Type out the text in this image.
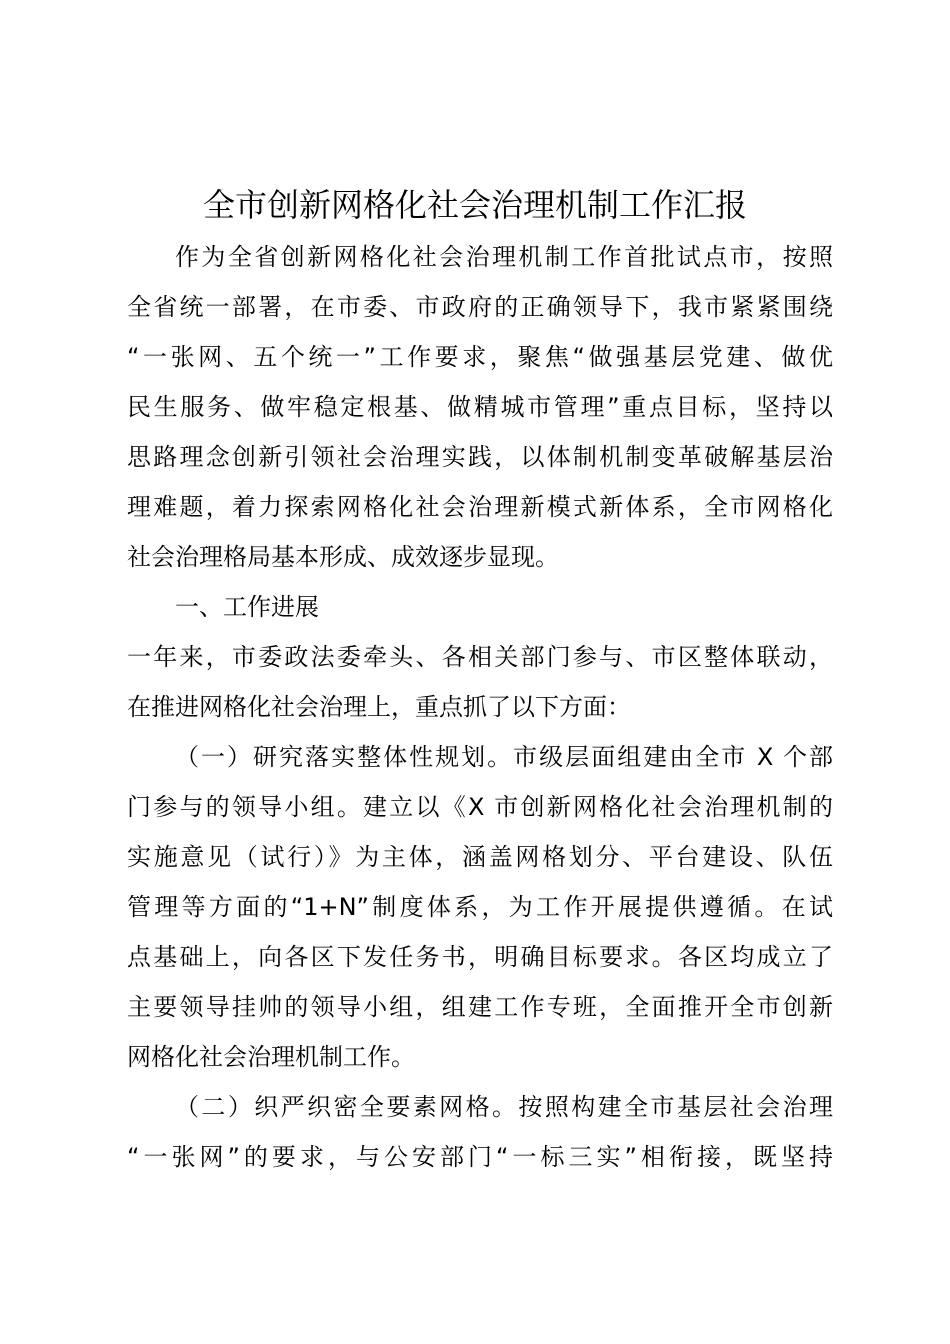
全市创新网格化社会治理机制工作汇报
作为全省创新网格化社会治理机制工作首批试点市，按照
全省统一部署，在市委、市政府的正确领导下，我市紧紧围绕
“一张网、五个统一”工作要求，聚焦“做强基层党建、做优
民生服务、做牢稳定根基、做精城市管理”重点目标，坚持以
思路理念创新引领社会治理实践，以体制机制变革破解基层治
理难题，着力探索网格化社会治理新模式新体系，全市网格化
社会治理格局基本形成、成效逐步显现。
一、工作进展
一年来，市委政法委牵头、各相关部门参与、市区整体联动，
在推进网格化社会治理上，重点抓了以下方面：
（一）研究落实整体性规划。市级层面组建由全市 X 个部
门参与的领导小组。建立以《X 市创新网格化社会治理机制的
实施意见（试行）》为主体，涵盖网格划分、平台建设、队伍
管理等方面的“1+N”制度体系，为工作开展提供遵循。在试
点基础上，向各区下发任务书，明确目标要求。各区均成立了
主要领导挂帅的领导小组，组建工作专班，全面推开全市创新
网格化社会治理机制工作。
（二）织严织密全要素网格。按照构建全市基层社会治理
“一张网”的要求，与公安部门“一标三实”相衔接，既坚持
